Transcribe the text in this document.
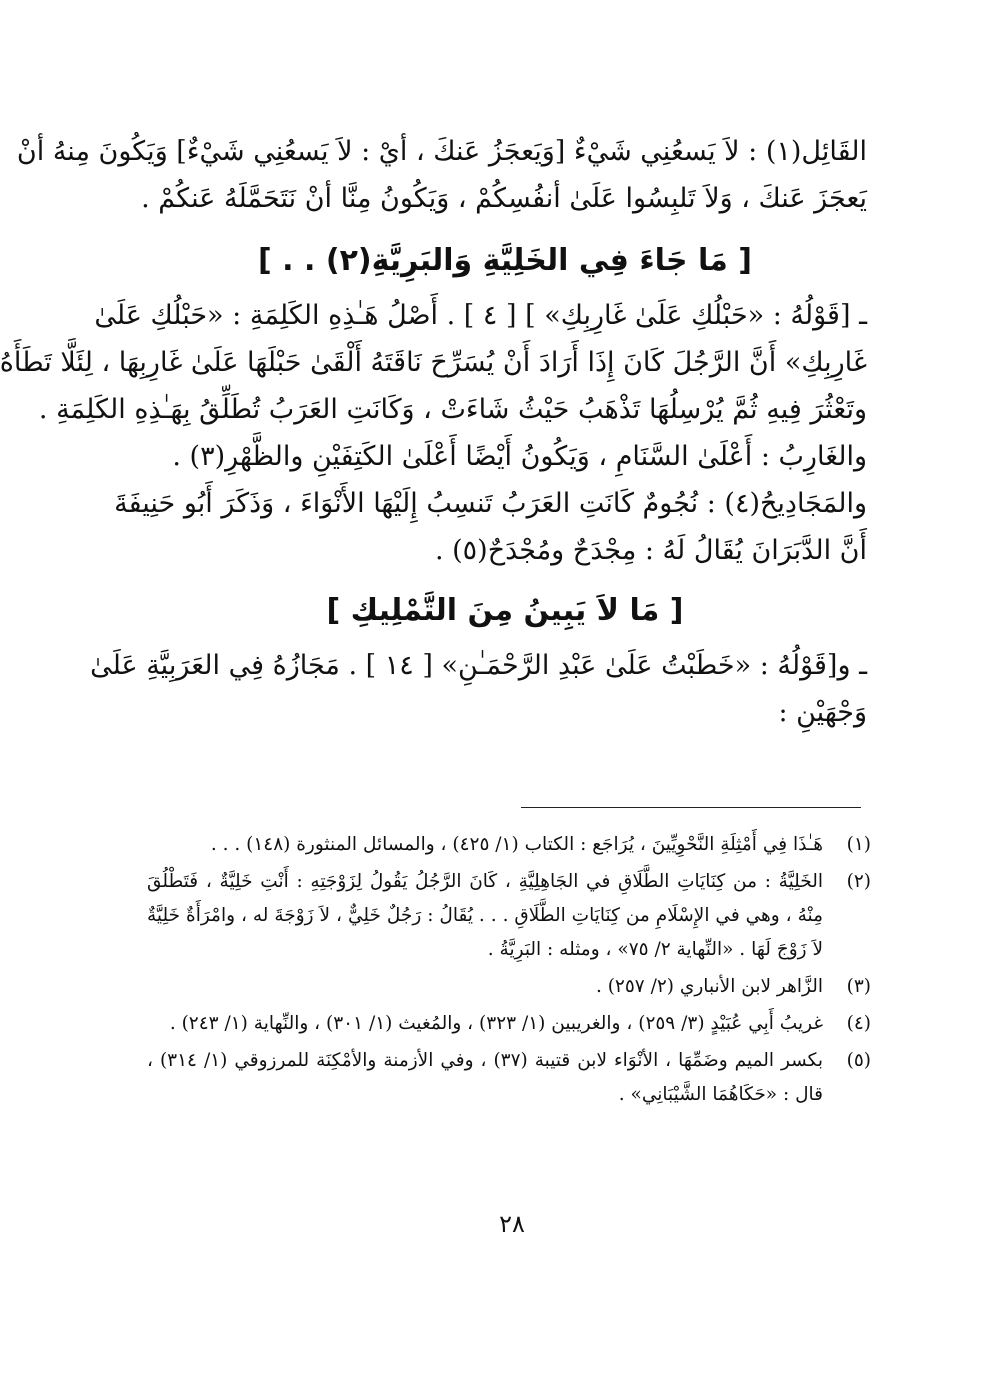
القَائِل(١) : لاَ يَسعُنِي شَيْءٌ [وَيَعجَزُ عَنكَ ، أيْ : لاَ يَسعُنِي شَيْءٌ] وَيَكُونَ مِنهُ أنْ
يَعجَزَ عَنكَ ، وَلاَ تَلبِسُوا عَلَىٰ أنفُسِكُمْ ، وَيَكُونُ مِنَّا أنْ نَتَحَمَّلَهُ عَنكُمْ .
[ مَا جَاءَ فِي الخَلِيَّةِ وَالبَرِيَّةِ(٢) . . ]
ـ [قَوْلُهُ : «حَبْلُكِ عَلَىٰ غَارِبِكِ» ] [ ٤ ] . أَصْلُ هَـٰذِهِ الكَلِمَةِ : «حَبْلُكِ عَلَىٰ
غَارِبِكِ» أَنَّ الرَّجُلَ كَانَ إِذَا أَرَادَ أَنْ يُسَرِّحَ نَاقَتَهُ أَلْقَىٰ حَبْلَهَا عَلَىٰ غَارِبِهَا ، لِئَلَّا تَطَأَهُ
وتَعْثُرَ فِيهِ ثُمَّ يُرْسِلُهَا تَذْهَبُ حَيْثُ شَاءَتْ ، وَكَانَتِ العَرَبُ تُطَلِّقُ بِهَـٰذِهِ الكَلِمَةِ .
والغَارِبُ : أَعْلَىٰ السَّنَامِ ، وَيَكُونُ أَيْضًا أَعْلَىٰ الكَتِفَيْنِ والظَّهْرِ(٣) .
والمَجَادِيحُ(٤) : نُجُومٌ كَانَتِ العَرَبُ تَنسِبُ إِلَيْهَا الأَنْوَاءَ ، وَذَكَرَ أَبُو حَنِيفَةَ
أَنَّ الدَّبَرَانَ يُقَالُ لَهُ : مِجْدَحٌ ومُجْدَحٌ(٥) .
[ مَا لاَ يَبِينُ مِنَ التَّمْلِيكِ ]
ـ و[قَوْلُهُ : «خَطَبْتُ عَلَىٰ عَبْدِ الرَّحْمَـٰنِ» [ ١٤ ] . مَجَازُهُ فِي العَرَبِيَّةِ عَلَىٰ
وَجْهَيْنِ :
(١)
هَـٰذَا فِي أَمْثِلَةِ النَّحْوِيِّينَ ، يُرَاجَع : الكتاب (١/ ٤٢٥) ، والمسائل المنثورة (١٤٨) . . .
(٢)
الخَلِيَّةُ : من كِنَايَاتِ الطَّلَاقِ في الجَاهِلِيَّةِ ، كَانَ الرَّجُلُ يَقُولُ لِزَوْجَتِهِ : أَنْتِ خَلِيَّةٌ ، فَتَطْلُقَ
مِنْهُ ، وهي في الإِسْلَامِ من كِنَايَاتِ الطَّلَاقِ . . . يُقَالُ : رَجُلٌ خَلِيٌّ ، لاَ زَوْجَةَ له ، وامْرَأَةٌ خَلِيَّةٌ
لاَ زَوْجَ لَهَا . «النِّهاية ٢/ ٧٥» ، ومثله : البَرِيَّةُ .
(٣)
الزَّاهر لابن الأنباري (٢/ ٢٥٧) .
(٤)
غريبُ أَبِي عُبَيْدٍ (٣/ ٢٥٩) ، والغريبين (١/ ٣٢٣) ، والمُغيث (١/ ٣٠١) ، والنِّهاية (١/ ٢٤٣) .
(٥)
بكسر الميم وضَمِّهَا ، الأنْوَاء لابن قتيبة (٣٧) ، وفي الأزمنة والأمْكِنَة للمرزوقي (١/ ٣١٤) ،
قال : «حَكَاهُمَا الشَّيْبَانِي» .
٢٨
